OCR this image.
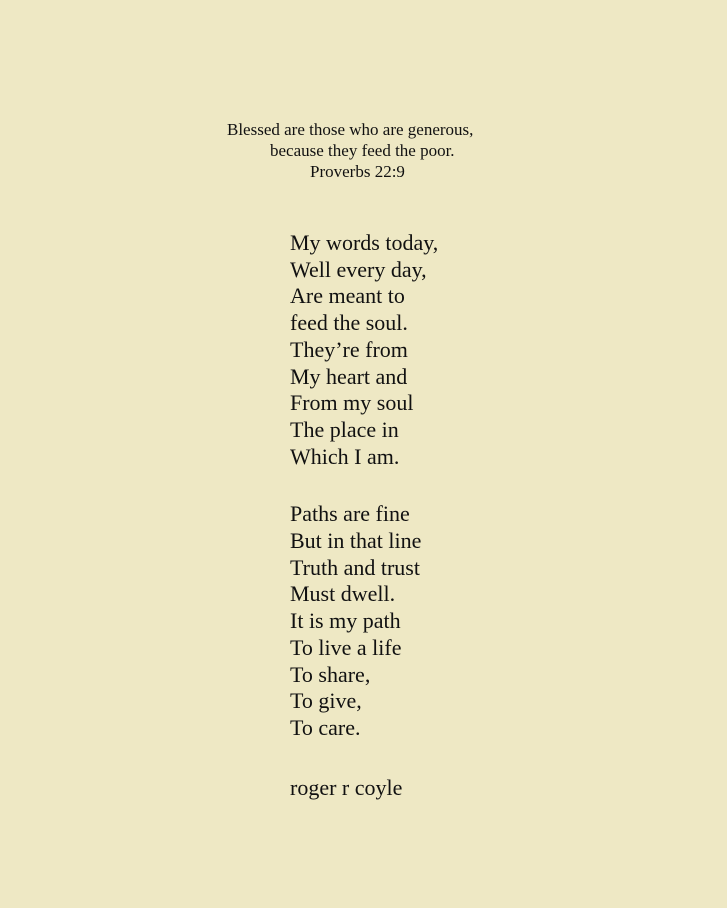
Blessed are those who are generous,
because they feed the poor.
Proverbs 22:9
My words today,
Well every day,
Are meant to
feed the soul.
They’re from
My heart and
From my soul
The place in
Which I am.
Paths are fine
But in that line
Truth and trust
Must dwell.
It is my path
To live a life
To share,
To give,
To care.
roger r coyle
